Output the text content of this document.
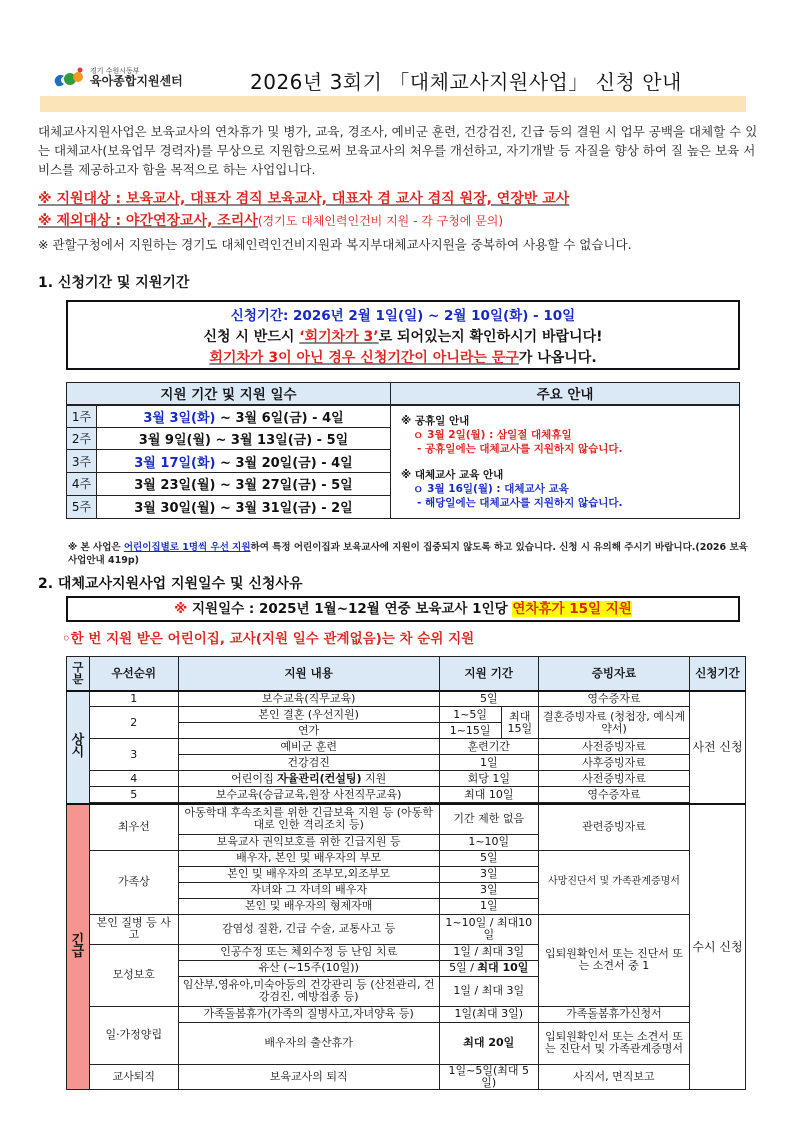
경기 수원시동부
육아종합지원센터	2026년 3회기 「대체교사지원사업」 신청 안내
대체교사지원사업은 보육교사의 연차휴가 및 병가, 교육, 경조사, 예비군 훈련, 건강검진, 긴급 등의 결원 시 업무 공백을 대체할 수 있는 대체교사(보육업무 경력자)를 무상으로 지원함으로써 보육교사의 처우를 개선하고, 자기개발 등 자질을 향상 하여 질 높은 보육 서비스를 제공하고자 함을 목적으로 하는 사업입니다.
※ 지원대상 : 보육교사, 대표자 겸직 보육교사, 대표자 겸 교사 겸직 원장, 연장반 교사
※ 제외대상 : 야간연장교사, 조리사(경기도 대체인력인건비 지원 - 각 구청에 문의)
※ 관할구청에서 지원하는 경기도 대체인력인건비지원과 복지부대체교사지원을 중복하여 사용할 수 없습니다.
1. 신청기간 및 지원기간
신청기간: 2026년 2월 1일(일) ~ 2월 10일(화) - 10일
신청 시 반드시 ‘회기차가 3’로 되어있는지 확인하시기 바랍니다!
회기차가 3이 아닌 경우 신청기간이 아니라는 문구가 나옵니다.
지원 기간 및 지원 일수		주요 안내
1주	3월 3일(화) ~ 3월 6일(금) - 4일	※ 공휴일 안내
ｏ 3월 2일(월) : 삼일절 대체휴일
- 공휴일에는 대체교사를 지원하지 않습니다.
※ 대체교사 교육 안내
ｏ 3월 16일(월) : 대체교사 교육
- 해당일에는 대체교사를 지원하지 않습니다.

2주	3월 9일(월) ~ 3월 13일(금) - 5일	
3주	3월 17일(화) ~ 3월 20일(금) - 4일	
4주	3월 23일(월) ~ 3월 27일(금) - 5일	
5주	3월 30일(월) ~ 3월 31일(금) - 2일	
※ 본 사업은 어린이집별로 1명씩 우선 지원하여 특정 어린이집과 보육교사에 지원이 집중되지 않도록 하고 있습니다. 신청 시 유의해 주시기 바랍니다.(2026 보육사업안내 419p)
2. 대체교사지원사업 지원일수 및 신청사유
※ 지원일수 : 2025년 1월~12월 연중 보육교사 1인당 연차휴가 15일 지원
◦한 번 지원 받은 어린이집, 교사(지원 일수 관계없음)는 차 순위 지원
구분	우선순위	지원 내용	지원 기간		증빙자료	신청기간
상시	1	보수교육(직무교육)	5일		영수증자료	사전 신청
	2	본인 결혼 (우선지원)	1~5일	최대 15일	결혼증빙자료 (청첩장, 예식계약서)	
		연가	1~15일			
	3	예비군 훈련	훈련기간		사전증빙자료	
		건강검진	1일		사후증빙자료	
	4	어린이집 자율관리(컨설팅) 지원	회당 1일		사전증빙자료	
	5	보수교육(승급교육,원장 사전직무교육)	최대 10일		영수증자료	

긴급	최우선	아동학대 후속조치를 위한 긴급보육 지원 등 (아동학대로 인한 격리조치 등)	기간 제한 없음		관련증빙자료	수시 신청
		보육교사 권익보호를 위한 긴급지원 등	1~10일			
	가족상	배우자, 본인 및 배우자의 부모	5일		사망진단서 및 가족관계증명서	
		본인 및 배우자의 조부모,외조부모	3일			
		자녀와 그 자녀의 배우자	3일			
		본인 및 배우자의 형제자매	1일			
	본인 질병 등 사고	감염성 질환, 긴급 수술, 교통사고 등	1~10일 / 최대10일		입퇴원확인서 또는 진단서 또는 소견서 중 1	
	모성보호	인공수정 또는 체외수정 등 난임 치료	1일 / 최대 3일			
		유산 (~15주(10일))	5일 / 최대 10일			
		임산부,영유아,미숙아등의 건강관리 등 (산전관리, 건강검진, 예방접종 등)	1일 / 최대 3일			
	일·가정양립	가족돌봄휴가(가족의 질병사고,자녀양육 등)	1일(최대 3일)		가족돌봄휴가신청서	
		배우자의 출산휴가	최대 20일		입퇴원확인서 또는 소견서 또는 진단서 및 가족관계증명서	
	교사퇴직	보육교사의 퇴직	1일~5일(최대 5일)		사직서, 면직보고	
